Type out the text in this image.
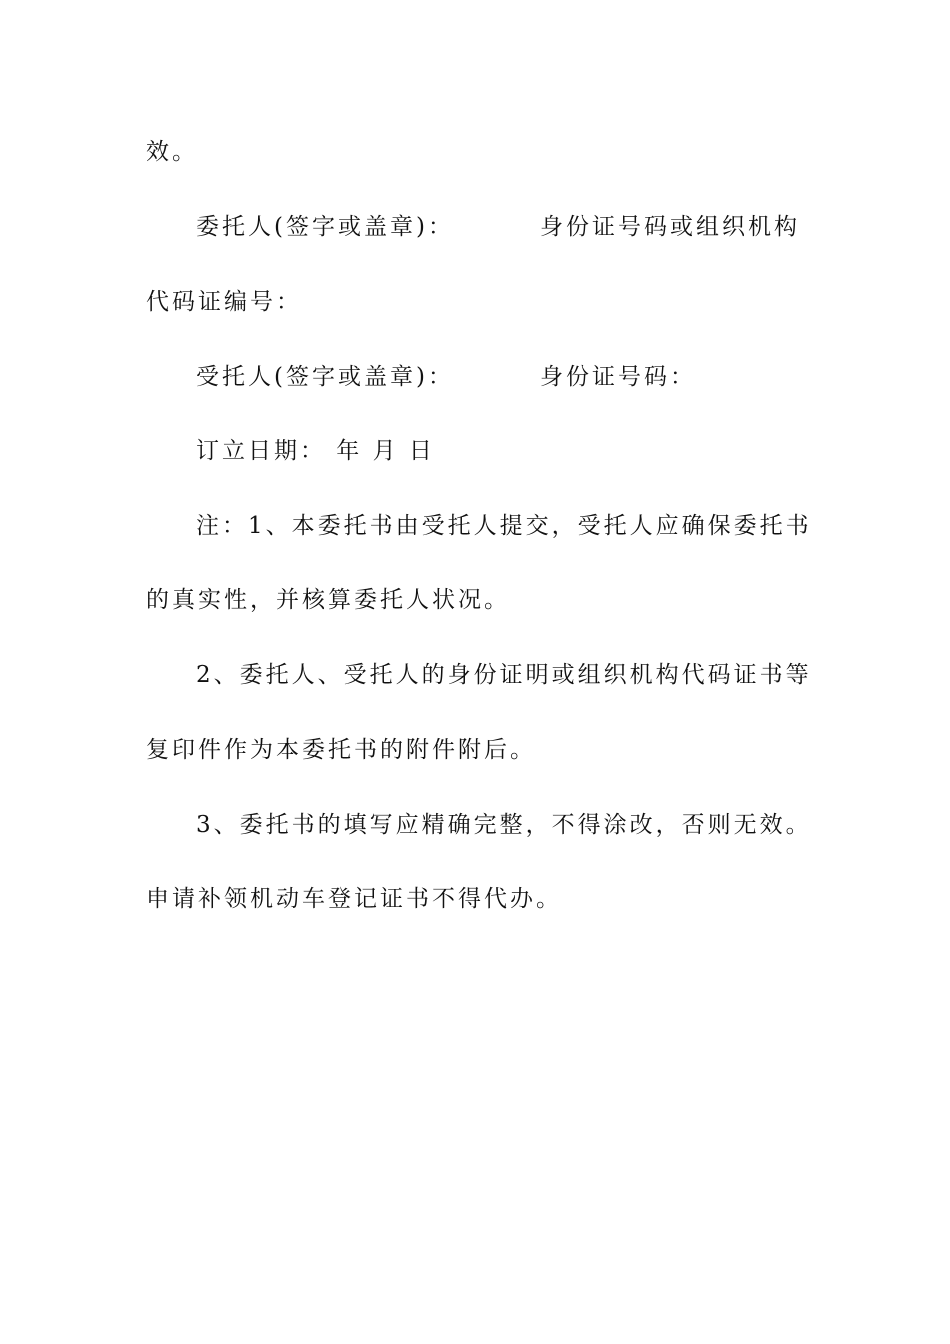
效。
委托人(签字或盖章)：	身份证号码或组织机构
代码证编号：
受托人(签字或盖章)：	身份证号码：
订立日期： 年 月 日
注：1、本委托书由受托人提交，受托人应确保委托书
的真实性，并核算委托人状况。
2、委托人、受托人的身份证明或组织机构代码证书等
复印件作为本委托书的附件附后。
3、委托书的填写应精确完整，不得涂改，否则无效。
申请补领机动车登记证书不得代办。
